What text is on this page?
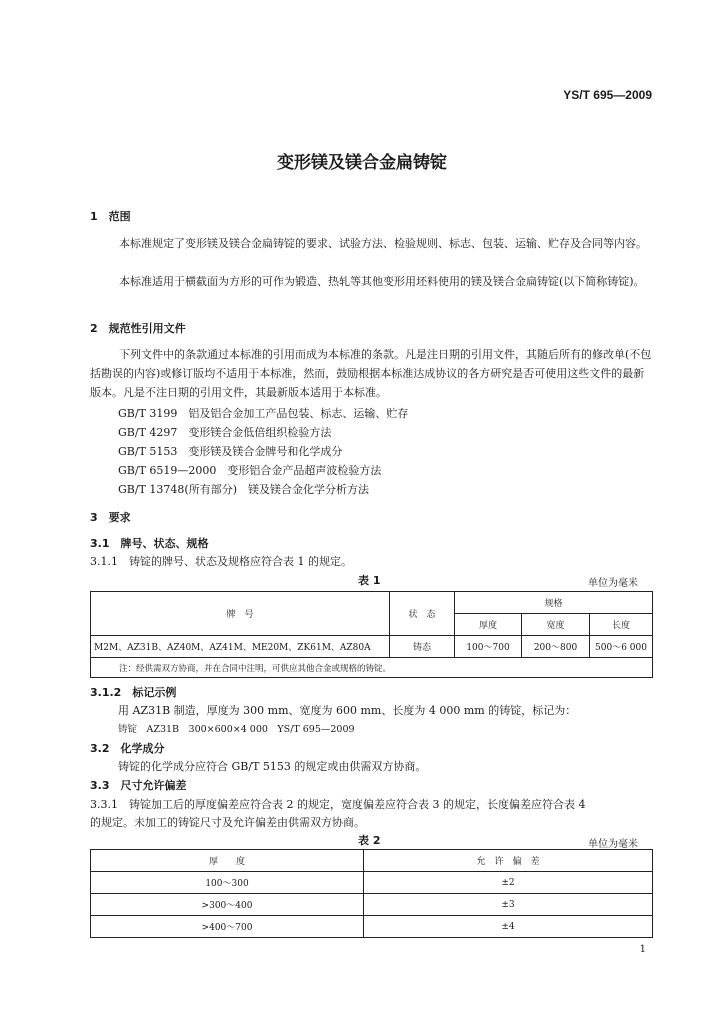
YS/T 695—2009
变形镁及镁合金扁铸锭
1　范围
本标准规定了变形镁及镁合金扁铸锭的要求、试验方法、检验规则、标志、包装、运输、贮存及合同等内容。
本标准适用于横截面为方形的可作为锻造、热轧等其他变形用坯料使用的镁及镁合金扁铸锭(以下简称铸锭)。
2　规范性引用文件
下列文件中的条款通过本标准的引用而成为本标准的条款。凡是注日期的引用文件，其随后所有的修改单(不包括勘误的内容)或修订版均不适用于本标准，然而，鼓励根据本标准达成协议的各方研究是否可使用这些文件的最新版本。凡是不注日期的引用文件，其最新版本适用于本标准。
GB/T 3199　铝及铝合金加工产品包装、标志、运输、贮存
GB/T 4297　变形镁合金低倍组织检验方法
GB/T 5153　变形镁及镁合金牌号和化学成分
GB/T 6519—2000　变形铝合金产品超声波检验方法
GB/T 13748(所有部分)　镁及镁合金化学分析方法
3　要求
3.1　牌号、状态、规格
3.1.1　铸锭的牌号、状态及规格应符合表 1 的规定。
表 1	单位为毫米
牌　号	状　态	规格		
		厚度	宽度	长度
M2M、AZ31B、AZ40M、AZ41M、ME20M、ZK61M、AZ80A	铸态	100～700	200～800	500～6 000
注：经供需双方协商，并在合同中注明，可供应其他合金或规格的铸锭。				
3.1.2　标记示例
用 AZ31B 制造，厚度为 300 mm、宽度为 600 mm、长度为 4 000 mm 的铸锭，标记为：
铸锭　AZ31B　300×600×4 000　YS/T 695—2009
3.2　化学成分
铸锭的化学成分应符合 GB/T 5153 的规定或由供需双方协商。
3.3　尺寸允许偏差
3.3.1　铸锭加工后的厚度偏差应符合表 2 的规定，宽度偏差应符合表 3 的规定，长度偏差应符合表 4
的规定。未加工的铸锭尺寸及允许偏差由供需双方协商。
表 2	单位为毫米
厚　　度	允　许　偏　差
100～300	±2
>300～400	±3
>400～700	±4
1
